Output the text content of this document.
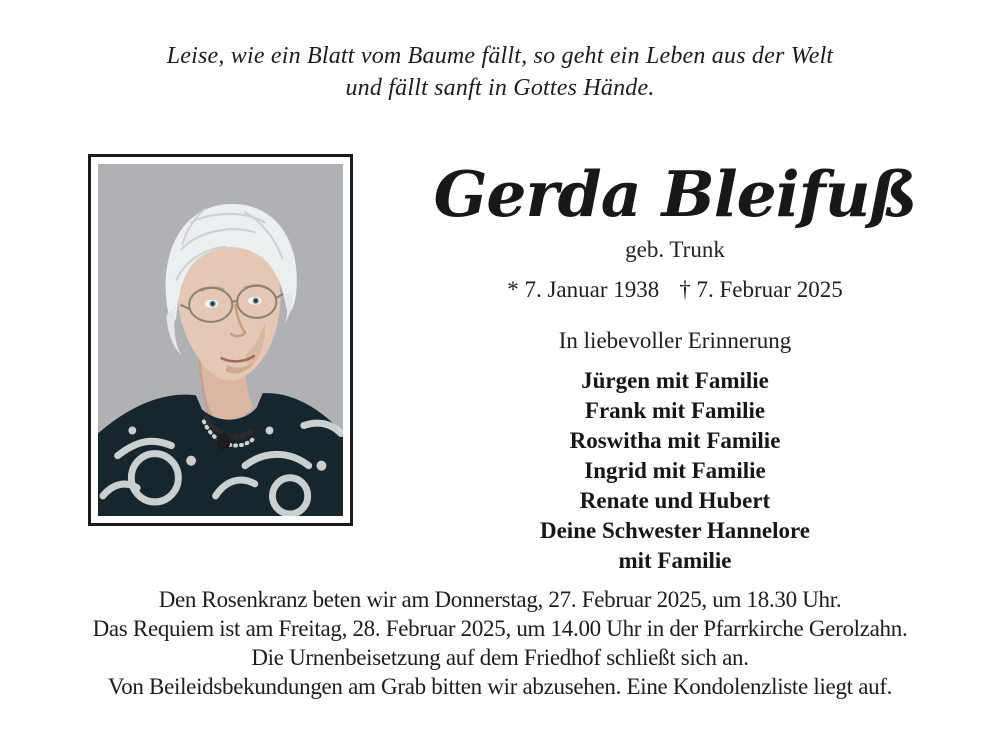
Leise, wie ein Blatt vom Baume fällt, so geht ein Leben aus der Welt
und fällt sanft in Gottes Hände.
Gerda Bleifuß
geb. Trunk
* 7. Januar 1938 † 7. Februar 2025
In liebevoller Erinnerung
Jürgen mit Familie
Frank mit Familie
Roswitha mit Familie
Ingrid mit Familie
Renate und Hubert
Deine Schwester Hannelore
mit Familie
Den Rosenkranz beten wir am Donnerstag, 27. Februar 2025, um 18.30 Uhr.
Das Requiem ist am Freitag, 28. Februar 2025, um 14.00 Uhr in der Pfarrkirche Gerolzahn.
Die Urnenbeisetzung auf dem Friedhof schließt sich an.
Von Beileidsbekundungen am Grab bitten wir abzusehen. Eine Kondolenzliste liegt auf.
